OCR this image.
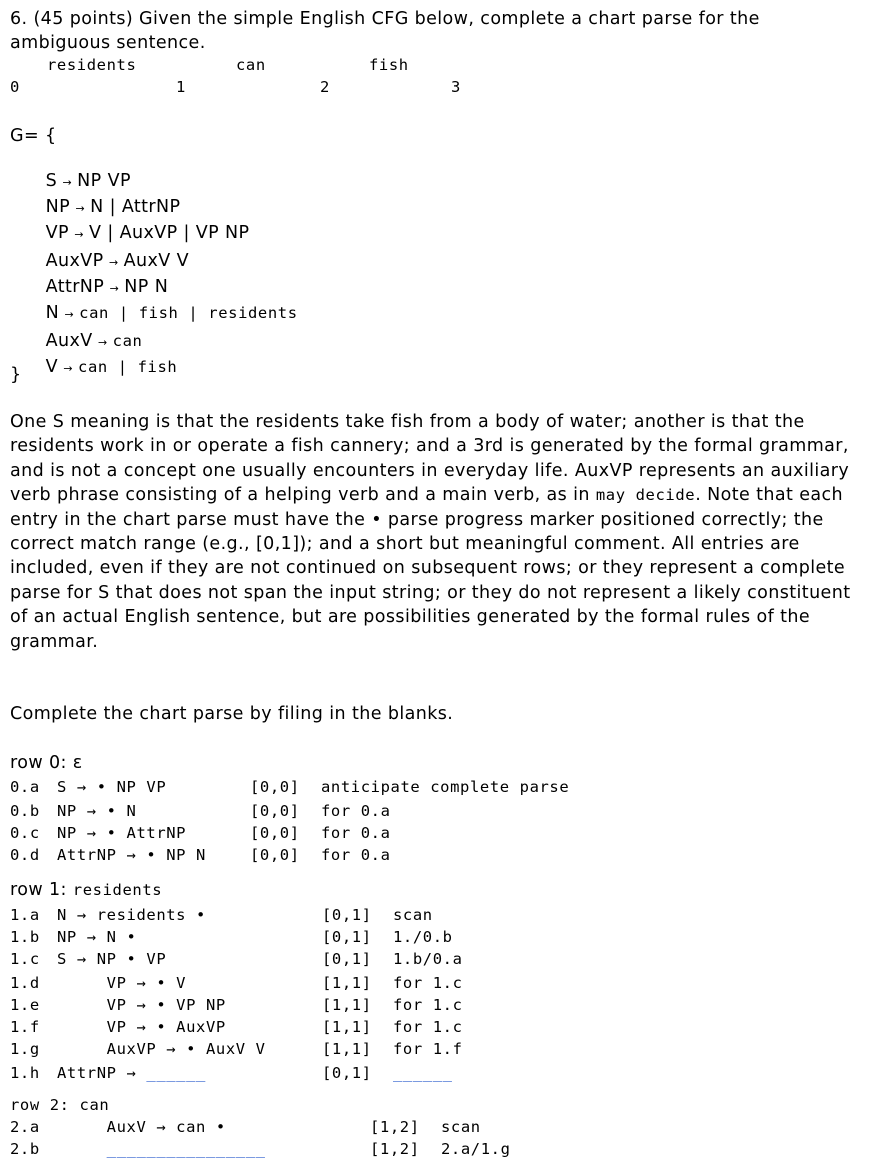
6. (45 points) Given the simple English CFG below, complete a chart parse for the ambiguous sentence.
residents	can	fish
0	1	2	3
G= {

S → NP VP

NP → N | AttrNP

VP → V | AuxVP | VP NP

AuxVP → AuxV V

AttrNP → NP N

N → can | fish | residents

AuxV → can

V → can | fish

}
One S meaning is that the residents take fish from a body of water; another is that the residents work in or operate a fish cannery; and a 3rd is generated by the formal grammar, and is not a concept one usually encounters in everyday life. AuxVP represents an auxiliary verb phrase consisting of a helping verb and a main verb, as in may decide. Note that each entry in the chart parse must have the • parse progress marker positioned correctly; the correct match range (e.g., [0,1]); and a short but meaningful comment. All entries are included, even if they are not continued on subsequent rows; or they represent a complete parse for S that does not span the input string; or they do not represent a likely constituent of an actual English sentence, but are possibilities generated by the formal rules of the grammar.
Complete the chart parse by filing in the blanks.
row 0: ε
0.a S → • NP VP	[0,0] anticipate complete parse
0.b NP → • N	[0,0] for 0.a
0.c NP → • AttrNP	[0,0] for 0.a
0.d AttrNP → • NP N	[0,0] for 0.a
row 1: residents
1.a N → residents •	[0,1] scan
1.b NP → N •	[0,1] 1./0.b
1.c S → NP • VP	[0,1] 1.b/0.a
1.d VP → • V	[1,1] for 1.c
1.e VP → • VP NP	[1,1] for 1.c
1.f VP → • AuxVP	[1,1] for 1.c
1.g AuxVP → • AuxV V	[1,1] for 1.f
1.h AttrNP → ______	[0,1] ______
row 2: can
2.a AuxV → can •	[1,2] scan
2.b	________________	[1,2] 2.a/1.g
